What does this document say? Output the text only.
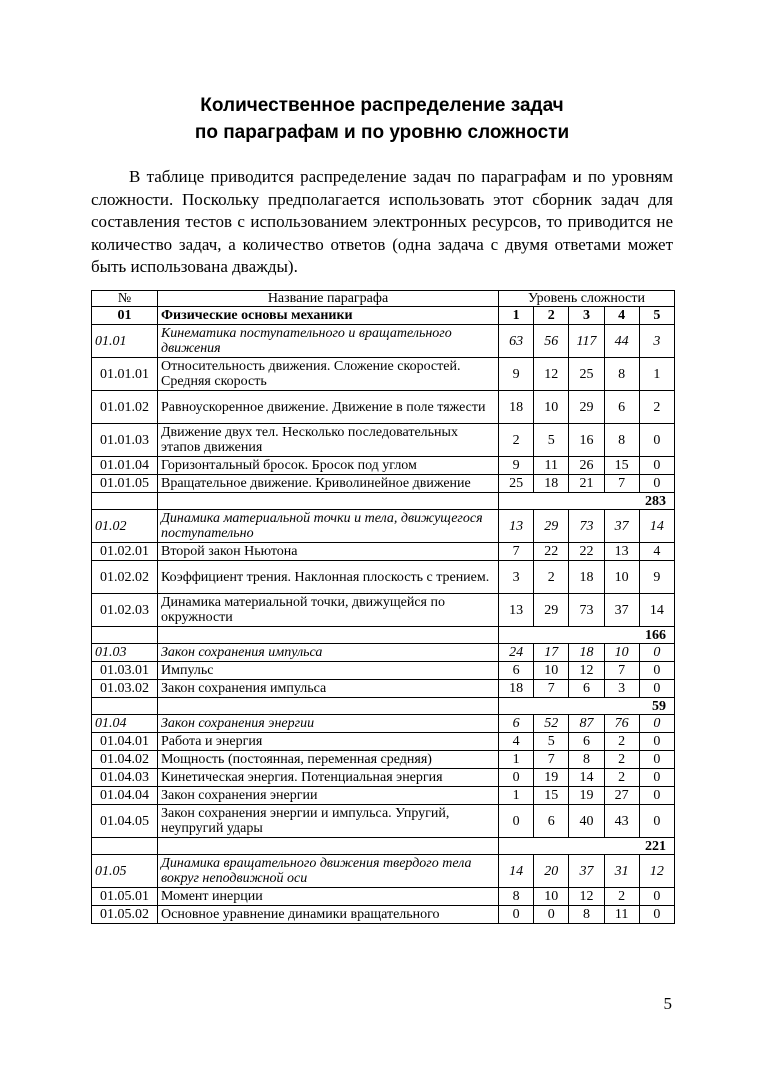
Количественное распределение задач
по параграфам и по уровню сложности
В таблице приводится распределение задач по параграфам и по уровням сложности. Поскольку предполагается использовать этот сборник задач для составления тестов с использованием электронных ресурсов, то приводится не количество задач, а количество ответов (одна задача с двумя ответами может быть использована дважды).
№	Название параграфа	Уровень сложности				
01	Физические основы механики	1	2	3	4	5
01.01	Кинематика поступательного и вращательного движения	63	56	117	44	3
01.01.01	Относительность движения. Сложение скоростей. Средняя скорость	9	12	25	8	1
01.01.02	Равноускоренное движение. Движение в поле тяжести	18	10	29	6	2
01.01.03	Движение двух тел. Несколько последовательных этапов движения	2	5	16	8	0
01.01.04	Горизонтальный бросок. Бросок под углом	9	11	26	15	0
01.01.05	Вращательное движение. Криволинейное движение	25	18	21	7	0
		283				
01.02	Динамика материальной точки и тела, движущегося поступательно	13	29	73	37	14
01.02.01	Второй закон Ньютона	7	22	22	13	4
01.02.02	Коэффициент трения. Наклонная плоскость с трением.	3	2	18	10	9
01.02.03	Динамика материальной точки, движущейся по окружности	13	29	73	37	14
		166				
01.03	Закон сохранения импульса	24	17	18	10	0
01.03.01	Импульс	6	10	12	7	0
01.03.02	Закон сохранения импульса	18	7	6	3	0
		59				
01.04	Закон сохранения энергии	6	52	87	76	0
01.04.01	Работа и энергия	4	5	6	2	0
01.04.02	Мощность (постоянная, переменная средняя)	1	7	8	2	0
01.04.03	Кинетическая энергия. Потенциальная энергия	0	19	14	2	0
01.04.04	Закон сохранения энергии	1	15	19	27	0
01.04.05	Закон сохранения энергии и импульса. Упругий, неупругий удары	0	6	40	43	0
		221				
01.05	Динамика вращательного движения твердого тела вокруг неподвижной оси	14	20	37	31	12
01.05.01	Момент инерции	8	10	12	2	0
01.05.02	Основное уравнение динамики вращательного	0	0	8	11	0
5
